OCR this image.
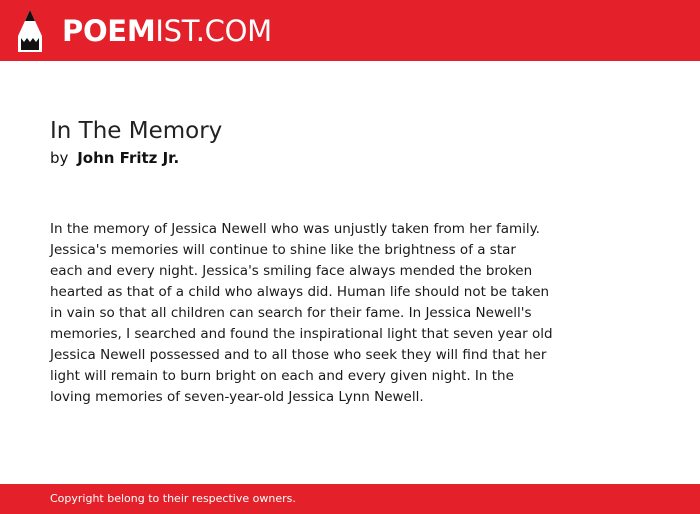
POEMIST.COM
In The Memory
by John Fritz Jr.
In the memory of Jessica Newell who was unjustly taken from her family.
Jessica's memories will continue to shine like the brightness of a star
each and every night. Jessica's smiling face always mended the broken
hearted as that of a child who always did. Human life should not be taken
in vain so that all children can search for their fame. In Jessica Newell's
memories, I searched and found the inspirational light that seven year old
Jessica Newell possessed and to all those who seek they will find that her
light will remain to burn bright on each and every given night. In the
loving memories of seven-year-old Jessica Lynn Newell.
Copyright belong to their respective owners.
